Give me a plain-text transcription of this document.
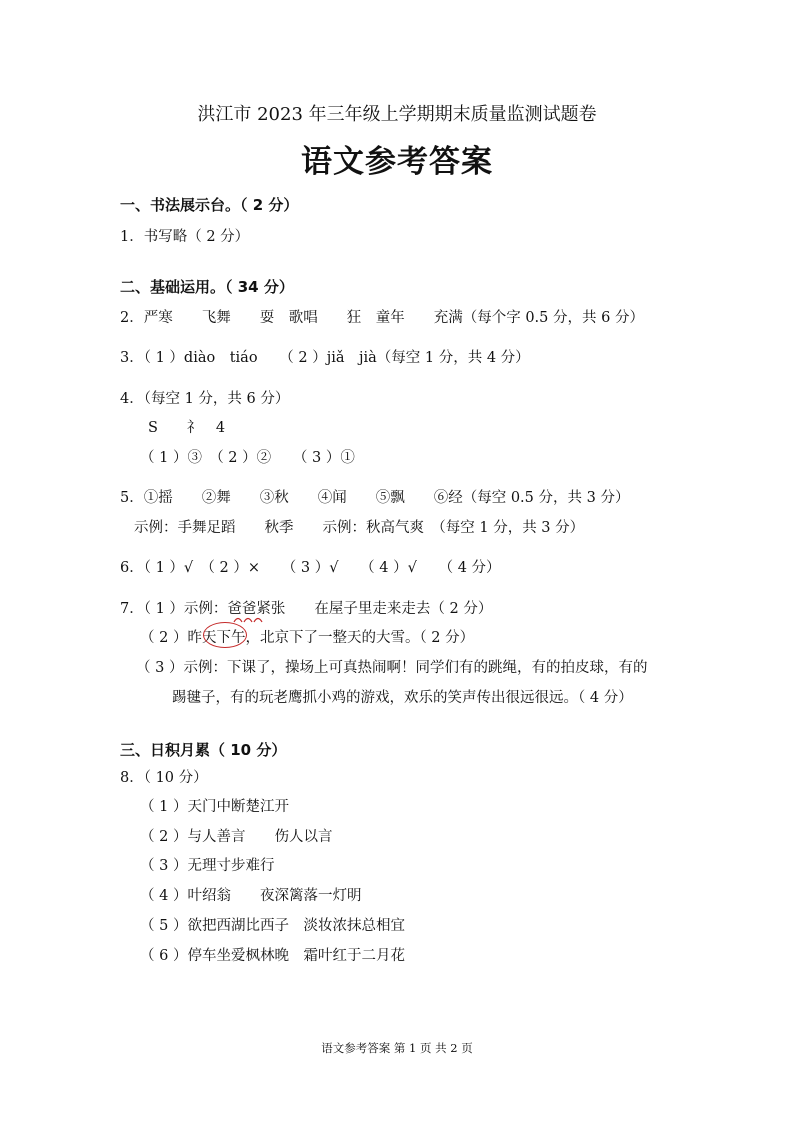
洪江市 2023 年三年级上学期期末质量监测试题卷
语文参考答案
一、书法展示台。（ 2 分）
1．书写略（ 2 分）
二、基础运用。（ 34 分）
2．严寒　　飞舞　　耍　歌唱　　狂　童年　　充满（每个字 0.5 分，共 6 分）
3．（ 1 ）diào　tiáo　　（ 2 ）jiǎ　jià（每空 1 分，共 4 分）
4．（每空 1 分，共 6 分）
S　　礻　4
（ 1 ）③　（ 2 ）②　　（ 3 ）①
5．①摇　　②舞　　③秋　　④闻　　⑤飘　　⑥经（每空 0.5 分，共 3 分）
示例：手舞足蹈　　秋季　　示例：秋高气爽　（每空 1 分，共 3 分）
6．（ 1 ）√　（ 2 ）×　　（ 3 ）√　　（ 4 ）√　　（ 4 分）
7．（ 1 ）示例：爸爸紧张　　在屋子里走来走去（ 2 分）
（ 2 ）昨天下午，北京下了一整天的大雪。（ 2 分）
（ 3 ）示例：下课了，操场上可真热闹啊！同学们有的跳绳，有的拍皮球，有的
踢毽子，有的玩老鹰抓小鸡的游戏，欢乐的笑声传出很远很远。（ 4 分）
三、日积月累（ 10 分）
8．（ 10 分）
（ 1 ）天门中断楚江开
（ 2 ）与人善言　　伤人以言
（ 3 ）无理寸步难行
（ 4 ）叶绍翁　　夜深篱落一灯明
（ 5 ）欲把西湖比西子　淡妆浓抹总相宜
（ 6 ）停车坐爱枫林晚　霜叶红于二月花
语文参考答案 第 1 页 共 2 页
